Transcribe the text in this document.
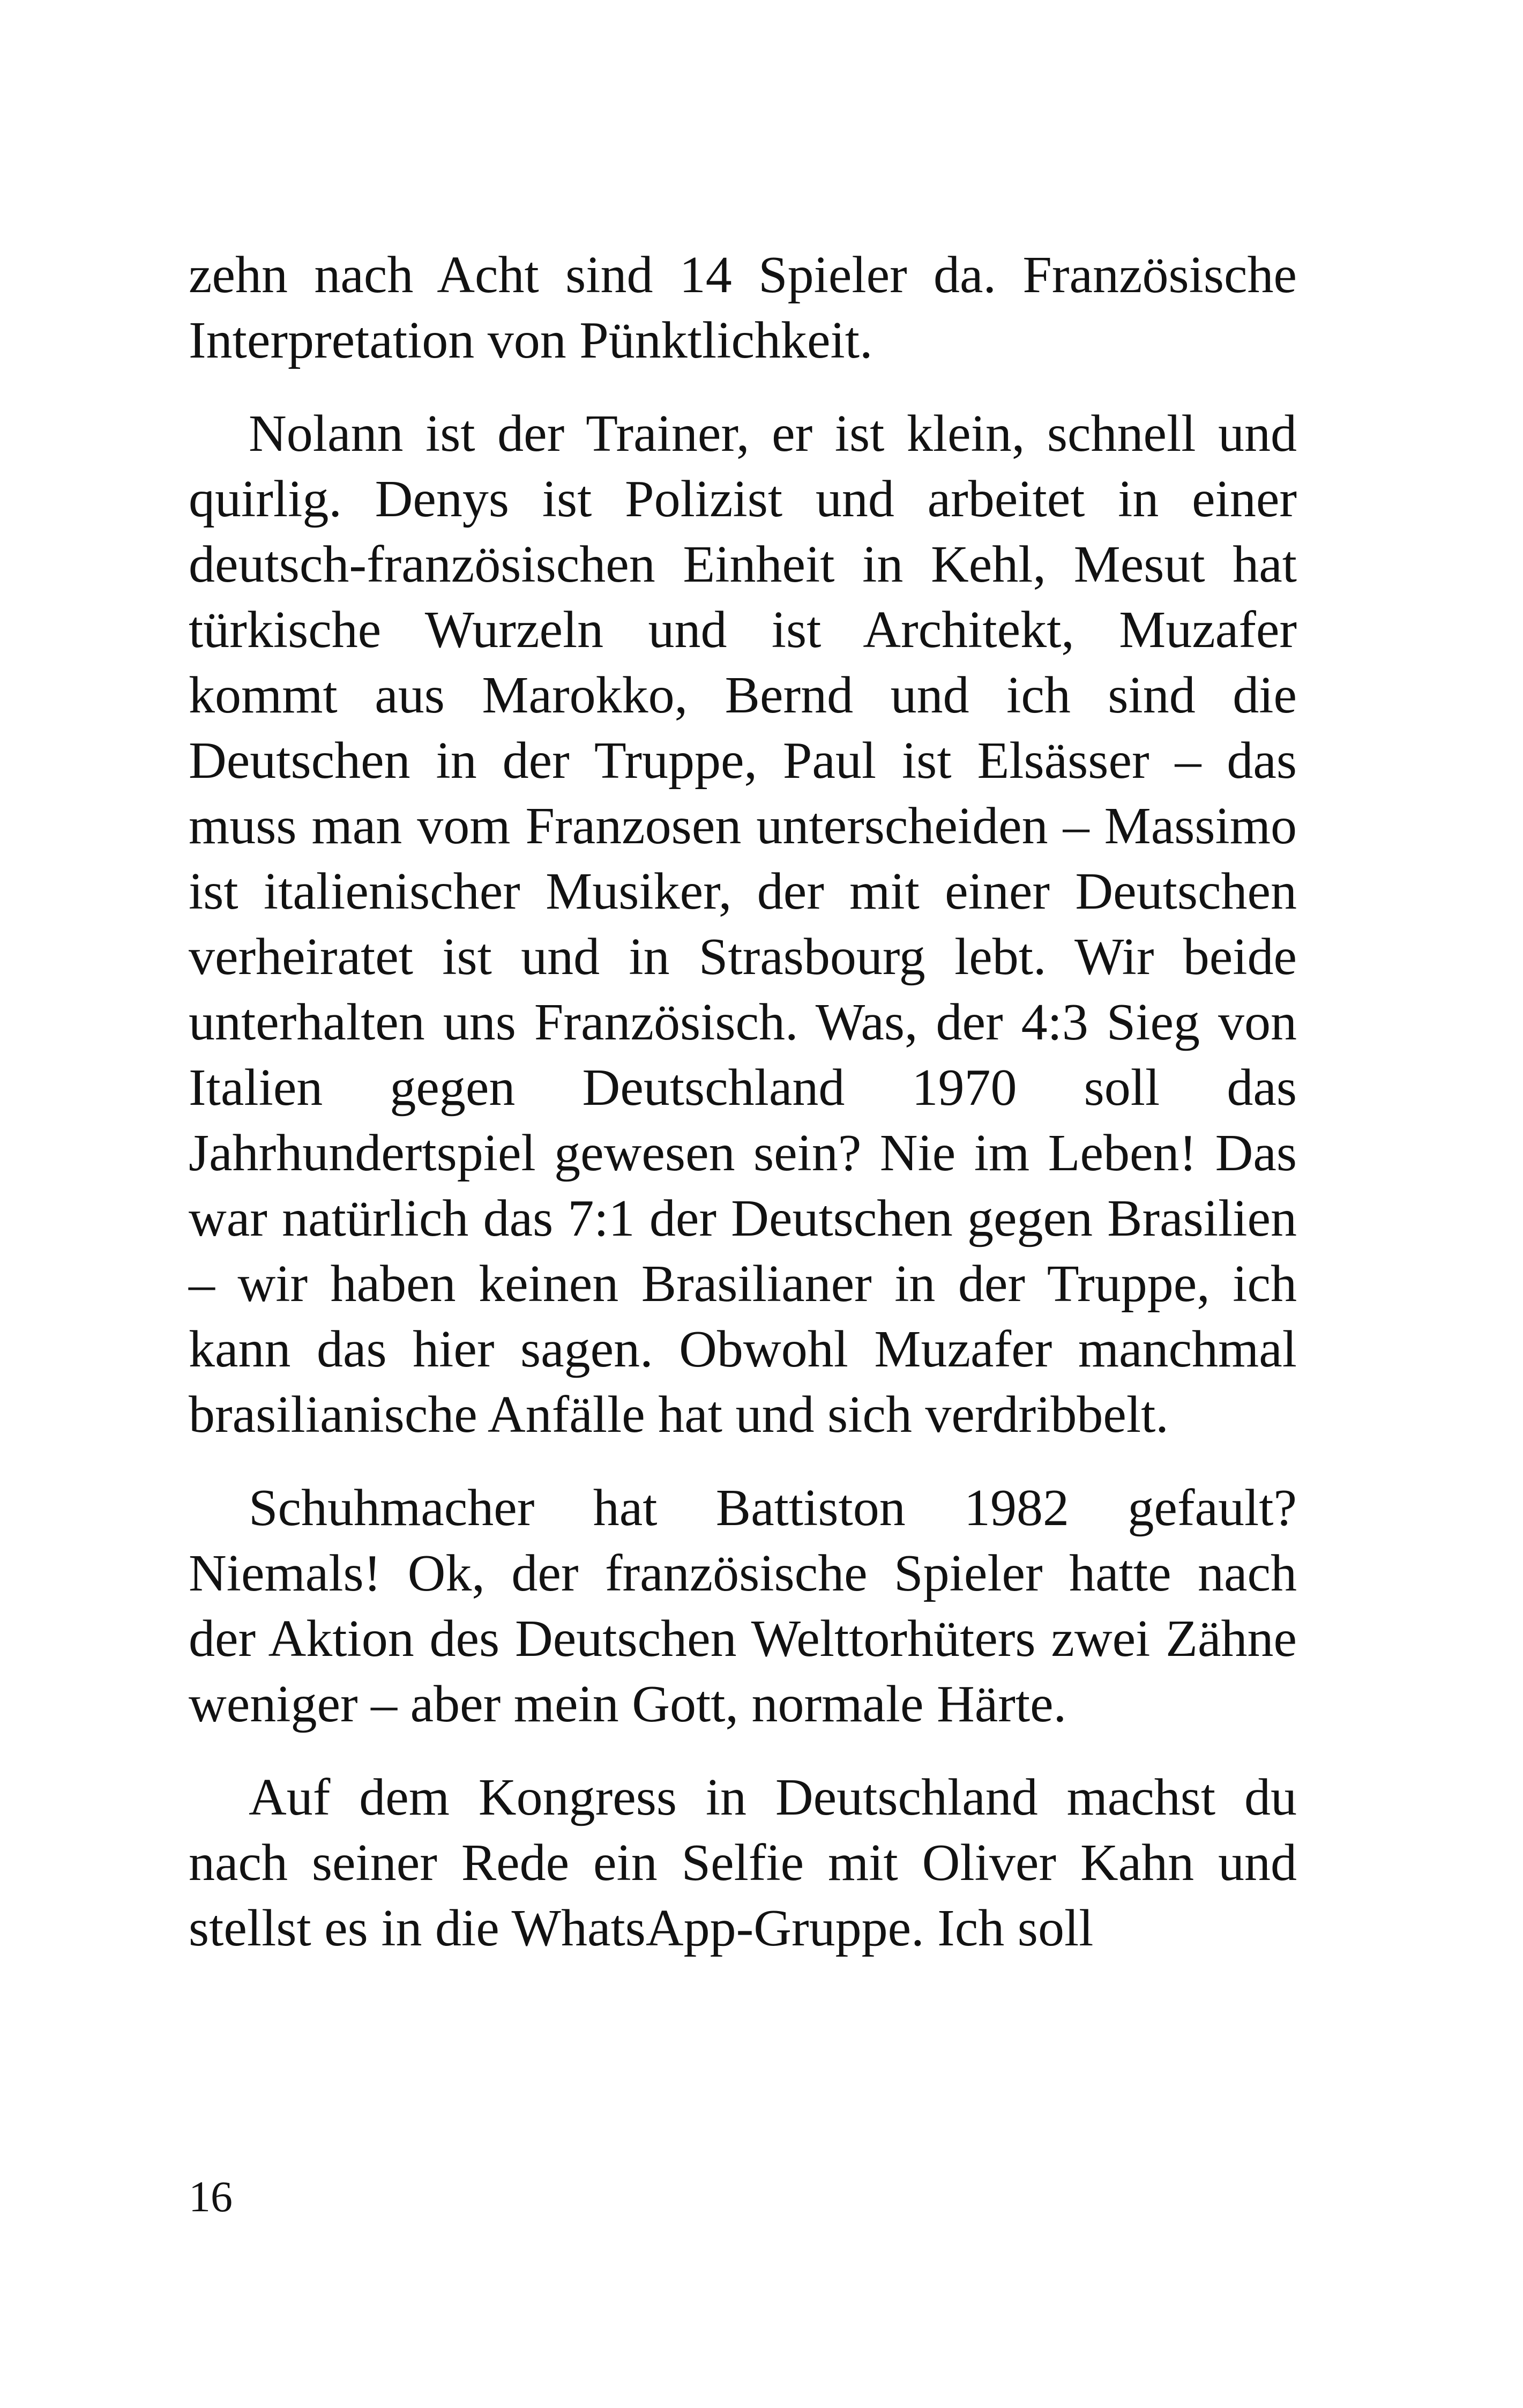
zehn nach Acht sind 14 Spieler da. Französische Interpretation von Pünktlichkeit.

Nolann ist der Trainer, er ist klein, schnell und quirlig. Denys ist Polizist und arbeitet in einer deutsch-französischen Einheit in Kehl, Mesut hat türkische Wurzeln und ist Architekt, Muzafer kommt aus Marokko, Bernd und ich sind die Deutschen in der Truppe, Paul ist Elsässer – das muss man vom Franzosen unterscheiden – Massimo ist italienischer Musiker, der mit einer Deutschen verheiratet ist und in Strasbourg lebt. Wir beide unterhalten uns Französisch. Was, der 4:3 Sieg von Italien gegen Deutschland 1970 soll das Jahrhundertspiel gewesen sein? Nie im Leben! Das war natürlich das 7:1 der Deutschen gegen Brasilien – wir haben keinen Brasilianer in der Truppe, ich kann das hier sagen. Obwohl Muzafer manchmal brasilianische Anfälle hat und sich verdribbelt.

Schuhmacher hat Battiston 1982 gefault? Niemals! Ok, der französische Spieler hatte nach der Aktion des Deutschen Welttorhüters zwei Zähne weniger – aber mein Gott, normale Härte.

Auf dem Kongress in Deutschland machst du nach seiner Rede ein Selfie mit Oliver Kahn und stellst es in die WhatsApp-Gruppe. Ich soll

16
